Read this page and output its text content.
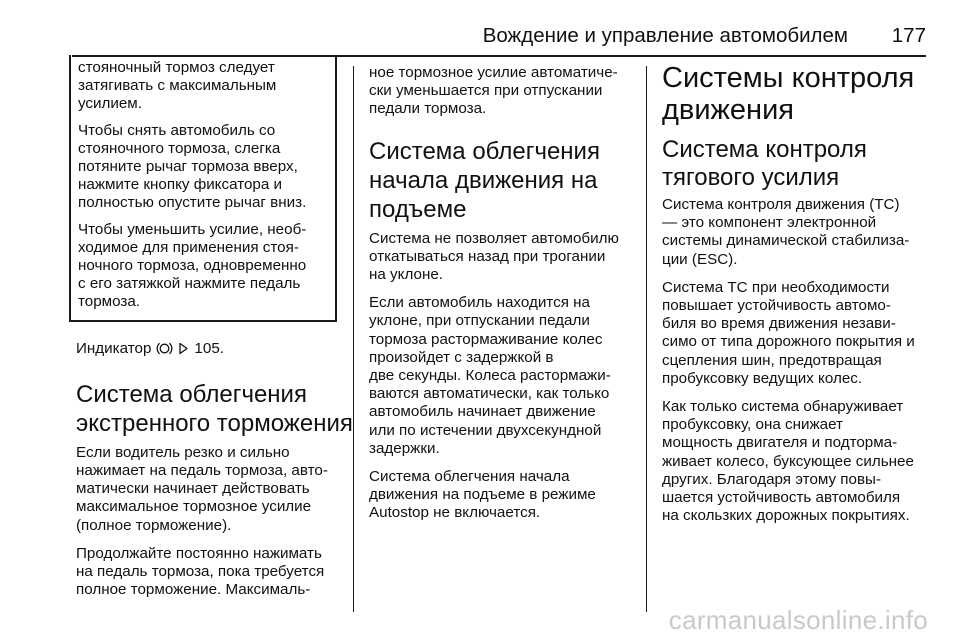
Вождение и управление автомобилем 177

стояночный тормоз следует
затягивать с максимальным
усилием.

Чтобы снять автомобиль со
стояночного тормоза, слегка
потяните рычаг тормоза вверх,
нажмите кнопку фиксатора и
полностью опустите рычаг вниз.

Чтобы уменьшить усилие, необ-
ходимое для применения стоя-
ночного тормоза, одновременно
с его затяжкой нажмите педаль
тормоза.

Индикатор	105.
Система облегчения
экстренного торможения

Если водитель резко и сильно
нажимает на педаль тормоза, авто-
матически начинает действовать
максимальное тормозное усилие
(полное торможение).

Продолжайте постоянно нажимать
на педаль тормоза, пока требуется
полное торможение. Максималь-

ное тормозное усилие автоматиче-
ски уменьшается при отпускании
педали тормоза.

Система облегчения
начала движения на
подъеме

Система не позволяет автомобилю
откатываться назад при трогании
на уклоне.

Если автомобиль находится на
уклоне, при отпускании педали
тормоза растормаживание колес
произойдет с задержкой в
две секунды. Колеса растормажи-
ваются автоматически, как только
автомобиль начинает движение
или по истечении двухсекундной
задержки.

Система облегчения начала
движения на подъеме в режиме
Autostop не включается.

Системы контроля
движения
Система контроля
тягового усилия

Система контроля движения (TC)
— это компонент электронной
системы динамической стабилиза-
ции (ESC).

Система TC при необходимости
повышает устойчивость автомо-
биля во время движения незави-
симо от типа дорожного покрытия и
сцепления шин, предотвращая
пробуксовку ведущих колес.

Как только система обнаруживает
пробуксовку, она снижает
мощность двигателя и подторма-
живает колесо, буксующее сильнее
других. Благодаря этому повы-
шается устойчивость автомобиля
на скользких дорожных покрытиях.

carmanualsonline.info
